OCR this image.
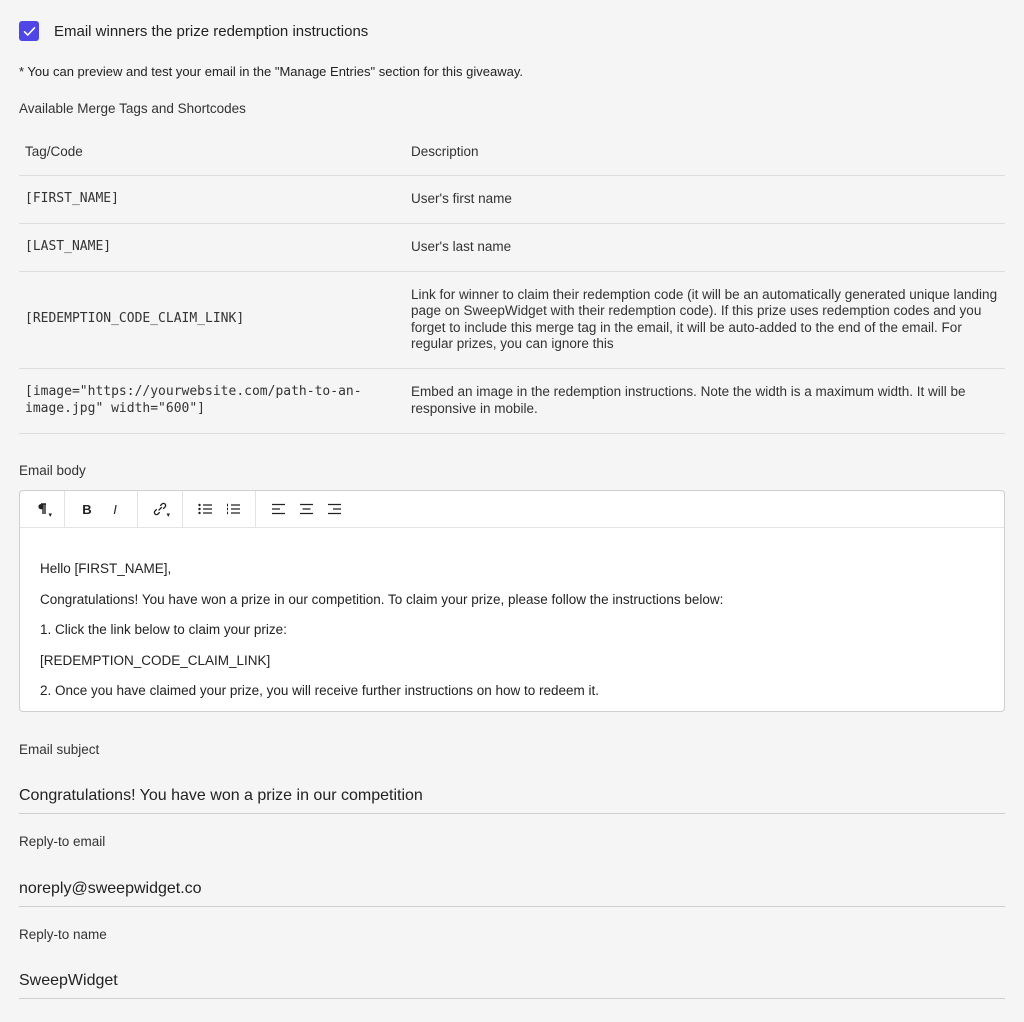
Email winners the prize redemption instructions
* You can preview and test your email in the "Manage Entries" section for this giveaway.
Available Merge Tags and Shortcodes
Tag/Code	Description
[FIRST_NAME]	User's first name
[LAST_NAME]	User's last name
[REDEMPTION_CODE_CLAIM_LINK]	Link for winner to claim their redemption code (it will be an automatically generated unique landing page on SweepWidget with their redemption code). If this prize uses redemption codes and you forget to include this merge tag in the email, it will be auto-added to the end of the email. For regular prizes, you can ignore this
[image="https://yourwebsite.com/path-to-an-image.jpg" width="600"]	Embed an image in the redemption instructions. Note the width is a maximum width. It will be responsive in mobile.
Email body
▾	B	I	▾

Hello [FIRST_NAME],

Congratulations! You have won a prize in our competition. To claim your prize, please follow the instructions below:

1. Click the link below to claim your prize:

[REDEMPTION_CODE_CLAIM_LINK]

2. Once you have claimed your prize, you will receive further instructions on how to redeem it.

Email subject
Congratulations! You have won a prize in our competition
Reply-to email
noreply@sweepwidget.co
Reply-to name
SweepWidget
